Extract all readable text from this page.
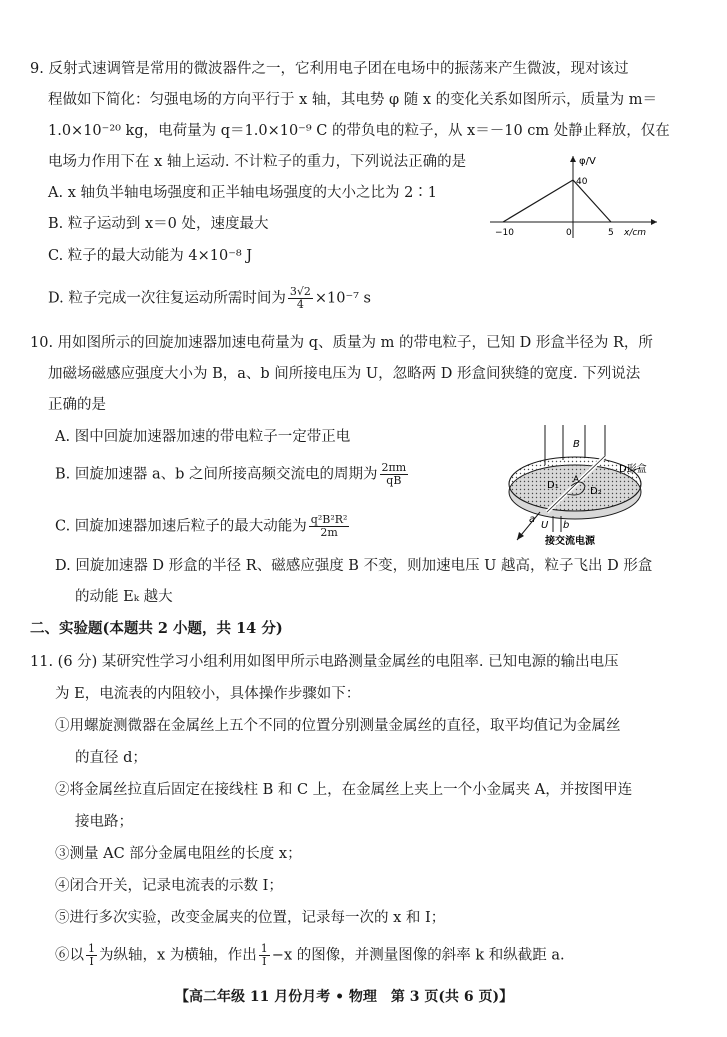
9. 反射式速调管是常用的微波器件之一，它利用电子团在电场中的振荡来产生微波，现对该过
程做如下简化：匀强电场的方向平行于 x 轴，其电势 φ 随 x 的变化关系如图所示，质量为 m＝
1.0×10⁻²⁰ kg，电荷量为 q＝1.0×10⁻⁹ C 的带负电的粒子，从 x＝－10 cm 处静止释放，仅在
电场力作用下在 x 轴上运动. 不计粒子的重力，下列说法正确的是
A. x 轴负半轴电场强度和正半轴电场强度的大小之比为 2∶1
B. 粒子运动到 x＝0 处，速度最大
C. 粒子的最大动能为 4×10⁻⁸ J
D. 粒子完成一次往复运动所需时间为 $\frac{3√2}{4} \times 10^{-7}$ s
φ/V
40
−10	0	5 x/cm
10. 用如图所示的回旋加速器加速电荷量为 q、质量为 m 的带电粒子，已知 D 形盒半径为 R，所
加磁场磁感应强度大小为 B，a、b 间所接电压为 U，忽略两 D 形盒间狭缝的宽度. 下列说法
正确的是
A. 图中回旋加速器加速的带电粒子一定带正电
B. 回旋加速器 a、b 之间所接高频交流电的周期为 $\frac{2\pi m}{qB}$
C. 回旋加速器加速后粒子的最大动能为 $\frac{\text{q²B²R²}}{2m}$
D. 回旋加速器 D 形盒的半径 R、磁感应强度 B 不变，则加速电压 U 越高，粒子飞出 D 形盒
的动能 Eₖ 越大
B
D₁ A
D₂
D形盒
a
U b
接交流电源
二、实验题(本题共 2 小题，共 14 分)
11. (6 分) 某研究性学习小组利用如图甲所示电路测量金属丝的电阻率. 已知电源的输出电压
为 E，电流表的内阻较小，具体操作步骤如下：
①用螺旋测微器在金属丝上五个不同的位置分别测量金属丝的直径，取平均值记为金属丝
的直径 d；
②将金属丝拉直后固定在接线柱 B 和 C 上，在金属丝上夹上一个小金属夹 A，并按图甲连
接电路；
③测量 AC 部分金属电阻丝的长度 x；
④闭合开关，记录电流表的示数 I；
⑤进行多次实验，改变金属夹的位置，记录每一次的 x 和 I；
⑥以 $\frac{1}{I}$ 为纵轴，x 为横轴，作出 $\frac{1}{I} -x$ 的图像，并测量图像的斜率 k 和纵截距 a.
【高二年级 11 月份月考 • 物理　第 3 页(共 6 页)】
